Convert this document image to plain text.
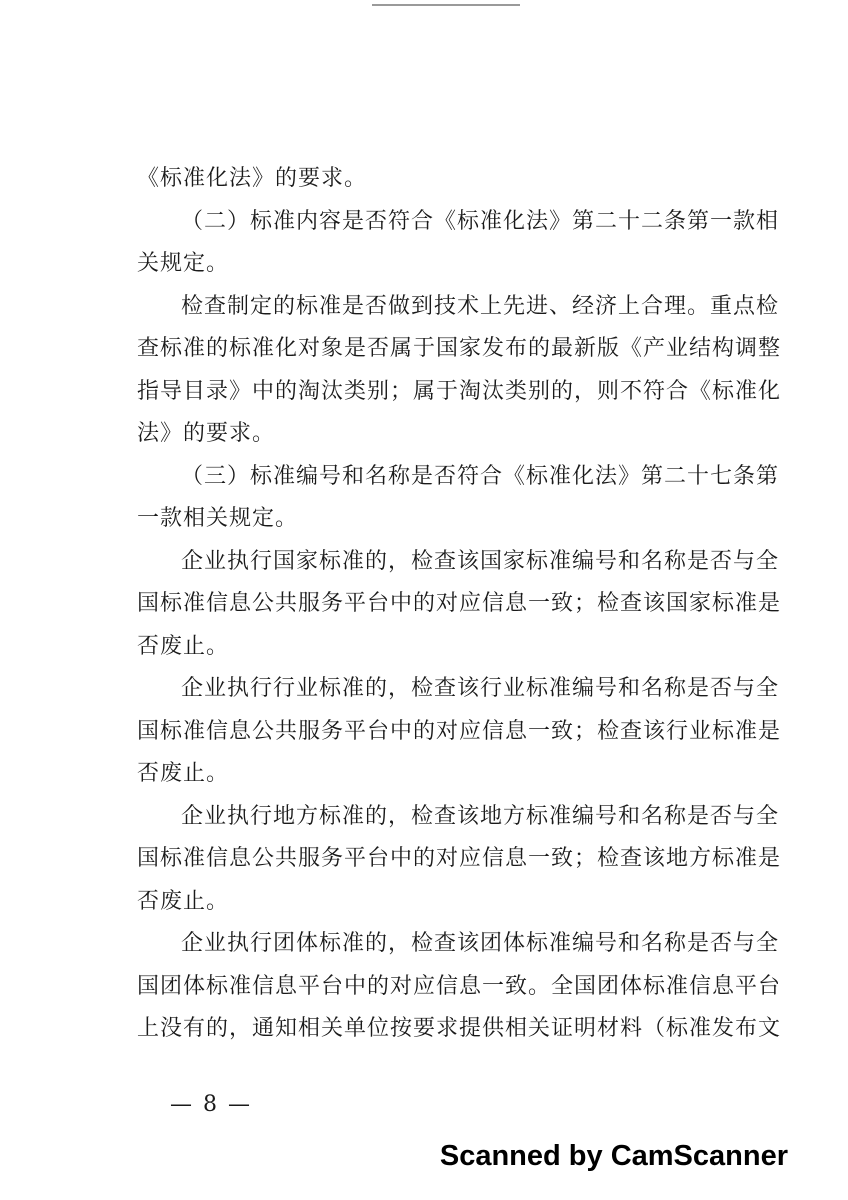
《标准化法》的要求。
（二）标准内容是否符合《标准化法》第二十二条第一款相
关规定。
检查制定的标准是否做到技术上先进、经济上合理。重点检
查标准的标准化对象是否属于国家发布的最新版《产业结构调整
指导目录》中的淘汰类别；属于淘汰类别的，则不符合《标准化
法》的要求。
（三）标准编号和名称是否符合《标准化法》第二十七条第
一款相关规定。
企业执行国家标准的，检查该国家标准编号和名称是否与全
国标准信息公共服务平台中的对应信息一致；检查该国家标准是
否废止。
企业执行行业标准的，检查该行业标准编号和名称是否与全
国标准信息公共服务平台中的对应信息一致；检查该行业标准是
否废止。
企业执行地方标准的，检查该地方标准编号和名称是否与全
国标准信息公共服务平台中的对应信息一致；检查该地方标准是
否废止。
企业执行团体标准的，检查该团体标准编号和名称是否与全
国团体标准信息平台中的对应信息一致。全国团体标准信息平台
上没有的，通知相关单位按要求提供相关证明材料（标准发布文
— 8 —
Scanned by CamScanner
